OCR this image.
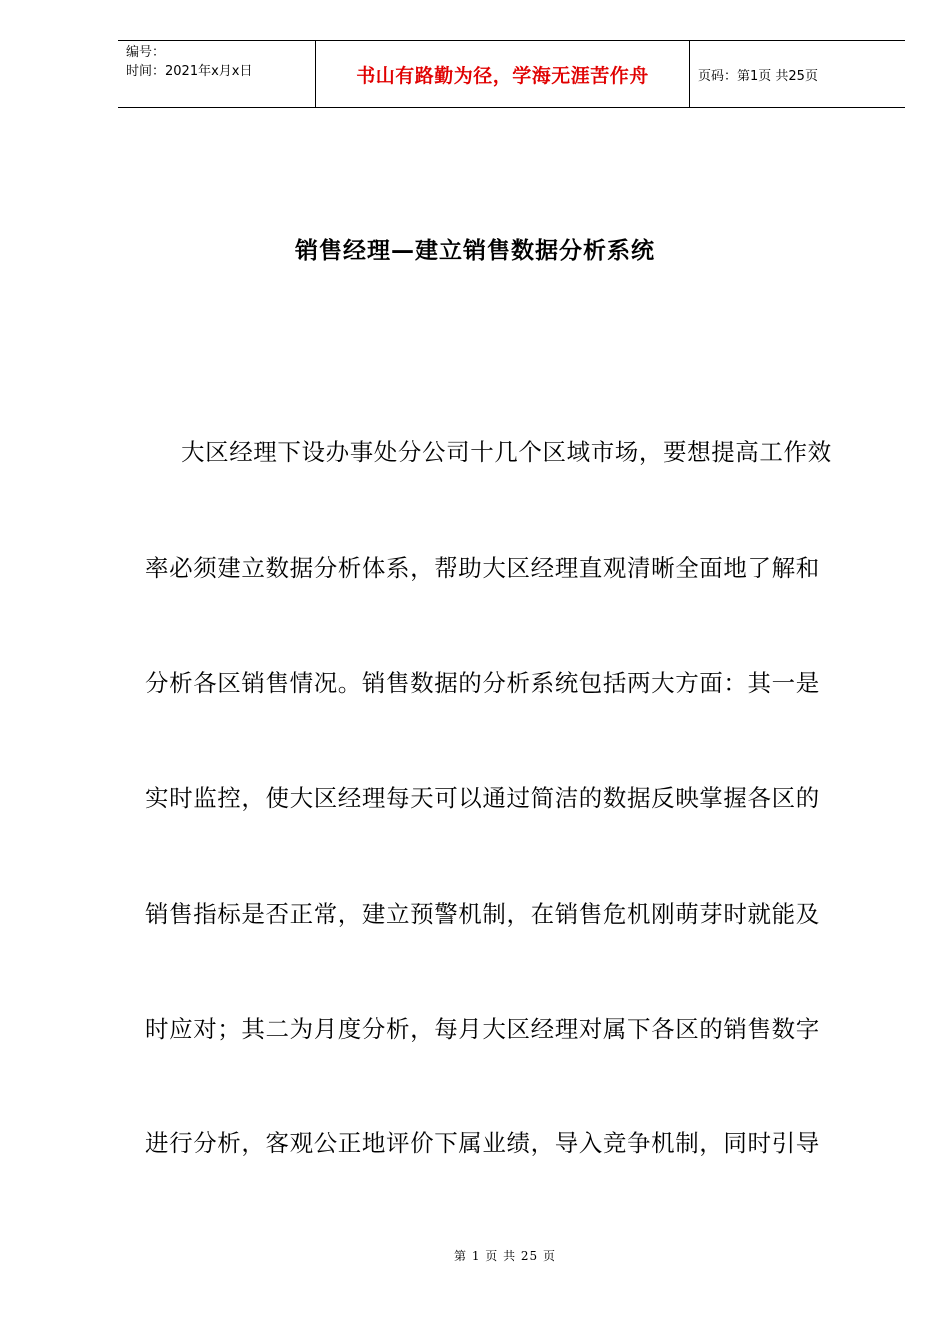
编号：
时间：2021年x月x日	书山有路勤为径，学海无涯苦作舟	页码：第1页 共25页
销售经理—建立销售数据分析系统
大区经理下设办事处分公司十几个区域市场，要想提高工作效
率必须建立数据分析体系，帮助大区经理直观清晰全面地了解和
分析各区销售情况。销售数据的分析系统包括两大方面：其一是
实时监控，使大区经理每天可以通过简洁的数据反映掌握各区的
销售指标是否正常，建立预警机制，在销售危机刚萌芽时就能及
时应对；其二为月度分析，每月大区经理对属下各区的销售数字
进行分析，客观公正地评价下属业绩，导入竞争机制，同时引导
第 1 页 共 25 页
